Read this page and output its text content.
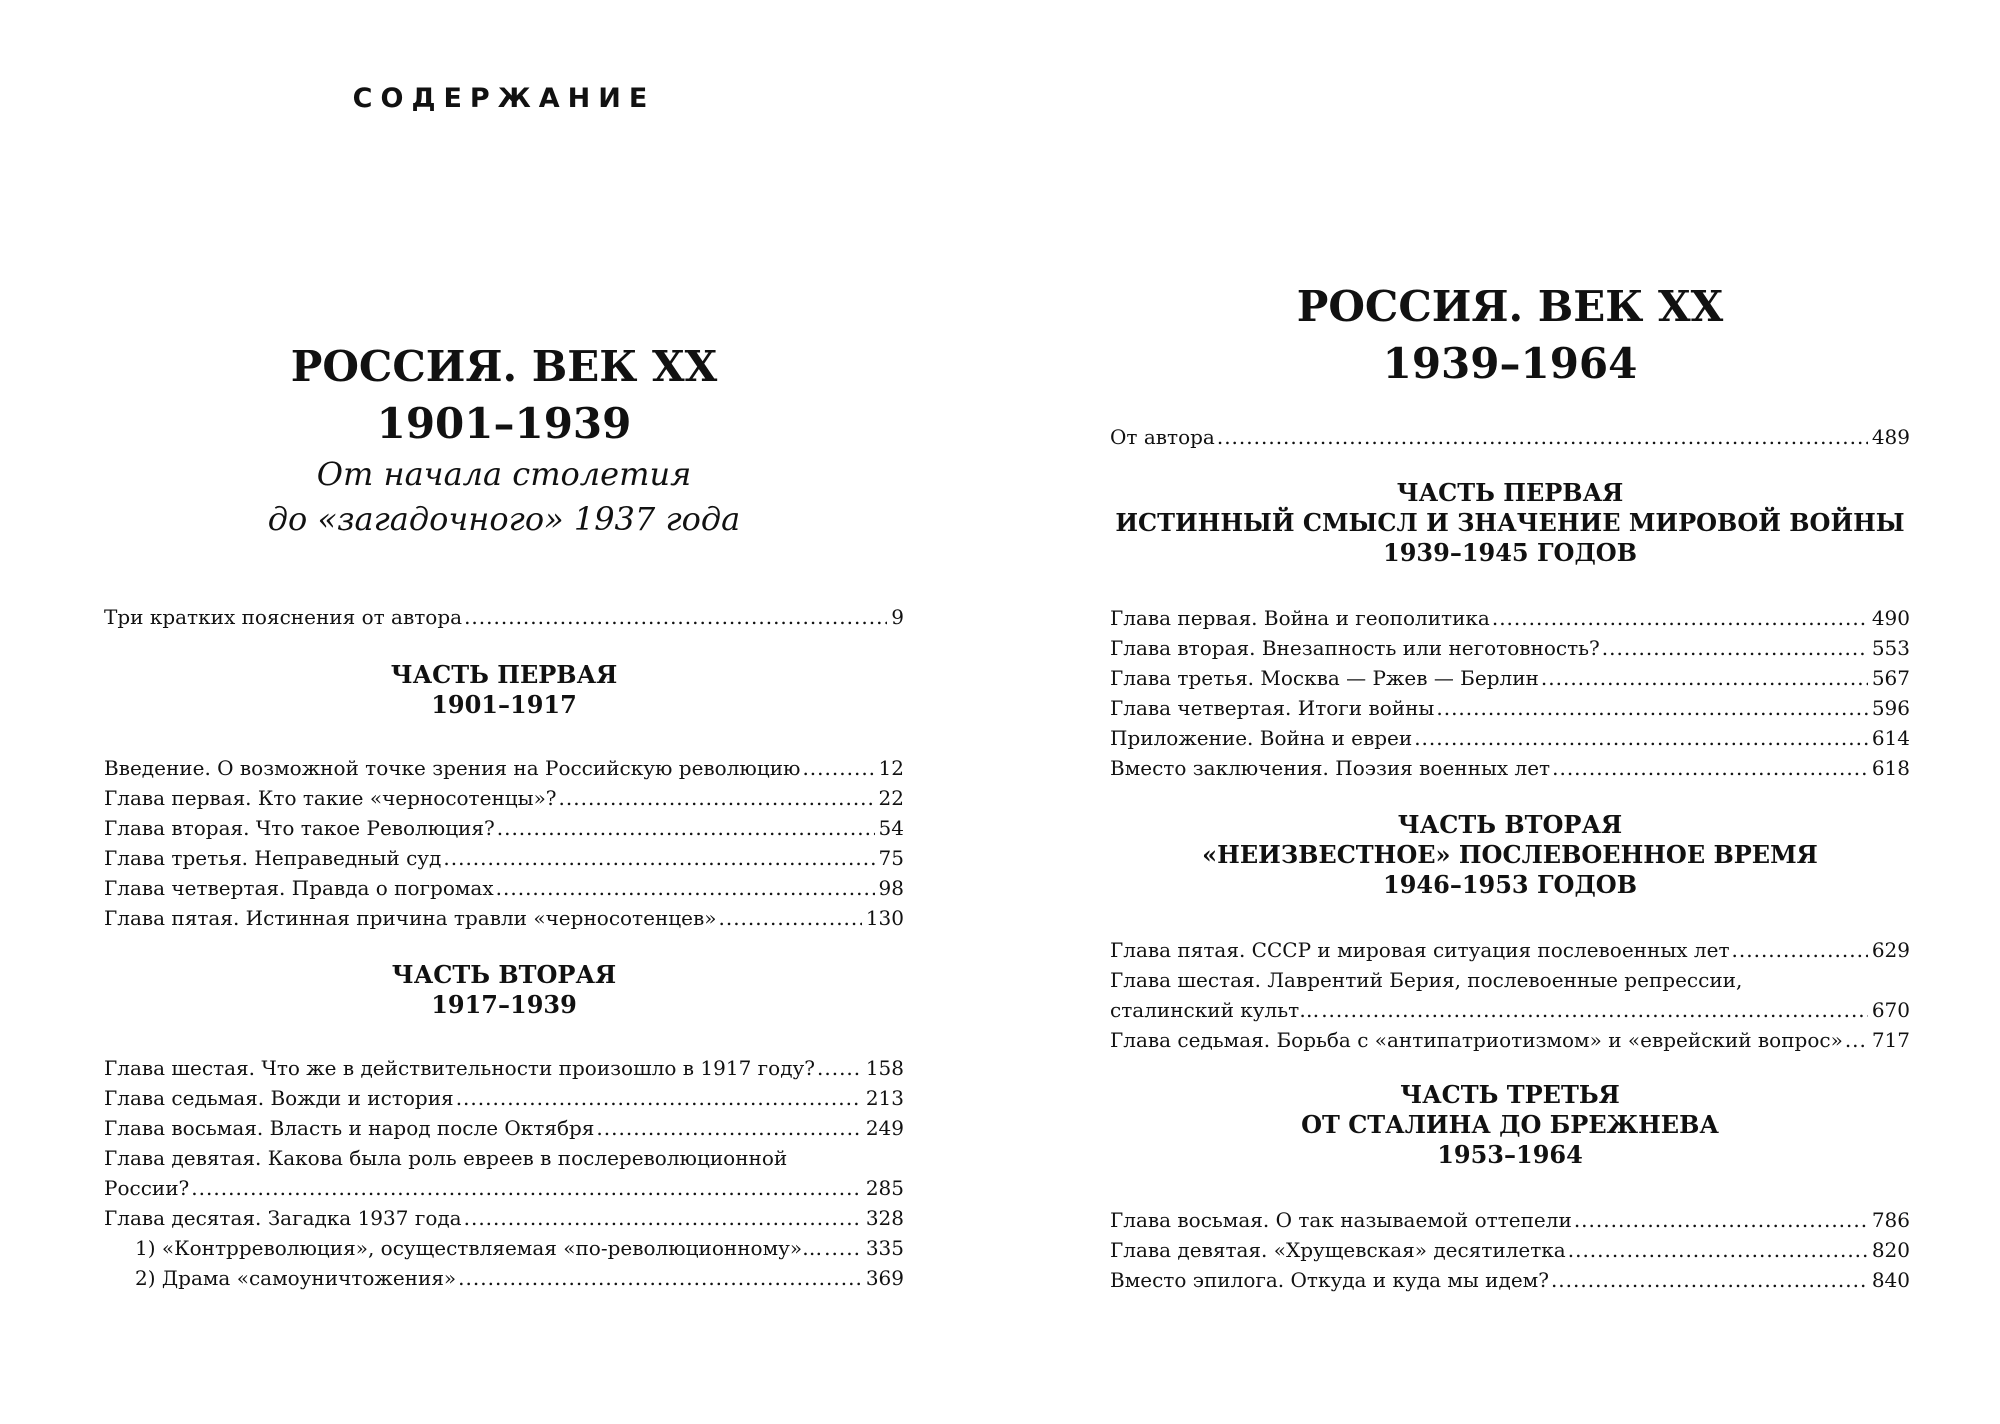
СОДЕРЖАНИЕ
РОССИЯ. ВЕК XX
1901–1939
От начала столетия
до «загадочного» 1937 года
Три кратких пояснения от автора .....	9
ЧАСТЬ ПЕРВАЯ
1901–1917
Введение. О возможной точке зрения на Российскую революцию .....	12
Глава первая. Кто такие «черносотенцы»? .....	22
Глава вторая. Что такое Революция? .....	54
Глава третья. Неправедный суд .....	75
Глава четвертая. Правда о погромах .....	98
Глава пятая. Истинная причина травли «черносотенцев» .....	130
ЧАСТЬ ВТОРАЯ
1917–1939
Глава шестая. Что же в действительности произошло в 1917 году? .....	158
Глава седьмая. Вожди и история .....	213
Глава восьмая. Власть и народ после Октября .....	249
Глава девятая. Какова была роль евреев в послереволюционной
России? .....	285
Глава десятая. Загадка 1937 года .....	328
1) «Контрреволюция», осуществляемая «по-революционному»… ..... 335
2) Драма «самоуничтожения» .....	369
РОССИЯ. ВЕК XX
1939–1964
От автора .....	489
ЧАСТЬ ПЕРВАЯ
ИСТИННЫЙ СМЫСЛ И ЗНАЧЕНИЕ МИРОВОЙ ВОЙНЫ
1939–1945 ГОДОВ
Глава первая. Война и геополитика .....	490
Глава вторая. Внезапность или неготовность? .....	553
Глава третья. Москва — Ржев — Берлин .....	567
Глава четвертая. Итоги войны .....	596
Приложение. Война и евреи .....	614
Вместо заключения. Поэзия военных лет .....	618
ЧАСТЬ ВТОРАЯ
«НЕИЗВЕСТНОЕ» ПОСЛЕВОЕННОЕ ВРЕМЯ
1946–1953 ГОДОВ
Глава пятая. СССР и мировая ситуация послевоенных лет .....	629
Глава шестая. Лаврентий Берия, послевоенные репрессии,
сталинский культ… .....	670
Глава седьмая. Борьба с «антипатриотизмом» и «еврейский вопрос» ..... 717
ЧАСТЬ ТРЕТЬЯ
ОТ СТАЛИНА ДО БРЕЖНЕВА
1953–1964
Глава восьмая. О так называемой оттепели .....	786
Глава девятая. «Хрущевская» десятилетка .....	820
Вместо эпилога. Откуда и куда мы идем? .....	840
